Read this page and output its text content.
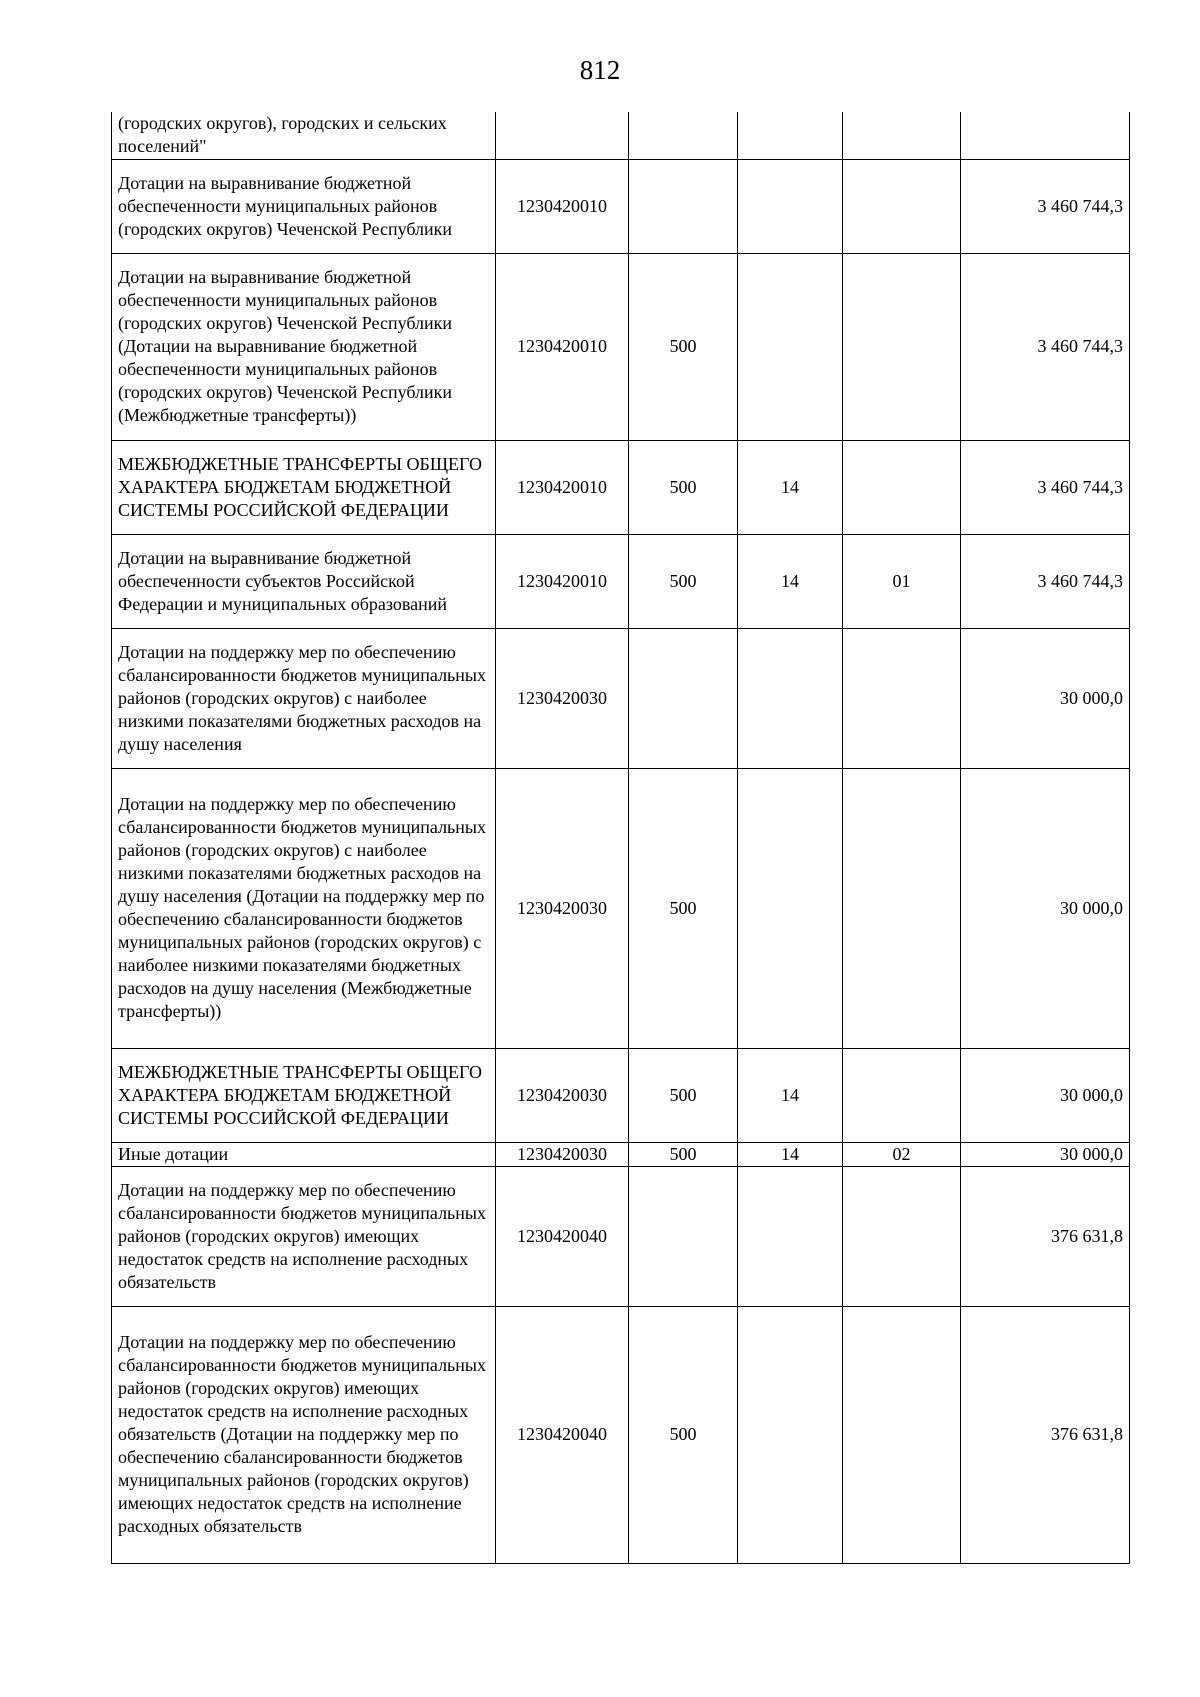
812
(городских округов), городских и сельских поселений"					
Дотации на выравнивание бюджетной обеспеченности муниципальных районов (городских округов) Чеченской Республики	1230420010				3 460 744,3
Дотации на выравнивание бюджетной обеспеченности муниципальных районов (городских округов) Чеченской Республики (Дотации на выравнивание бюджетной обеспеченности муниципальных районов (городских округов) Чеченской Республики (Межбюджетные трансферты))	1230420010	500			3 460 744,3
МЕЖБЮДЖЕТНЫЕ ТРАНСФЕРТЫ ОБЩЕГО ХАРАКТЕРА БЮДЖЕТАМ БЮДЖЕТНОЙ СИСТЕМЫ РОССИЙСКОЙ ФЕДЕРАЦИИ	1230420010	500	14		3 460 744,3
Дотации на выравнивание бюджетной обеспеченности субъектов Российской Федерации и муниципальных образований	1230420010	500	14	01	3 460 744,3
Дотации на поддержку мер по обеспечению сбалансированности бюджетов муниципальных районов (городских округов) с наиболее низкими показателями бюджетных расходов на душу населения	1230420030				30 000,0
Дотации на поддержку мер по обеспечению сбалансированности бюджетов муниципальных районов (городских округов) с наиболее низкими показателями бюджетных расходов на душу населения (Дотации на поддержку мер по обеспечению сбалансированности бюджетов муниципальных районов (городских округов) с наиболее низкими показателями бюджетных расходов на душу населения (Межбюджетные трансферты))	1230420030	500			30 000,0
МЕЖБЮДЖЕТНЫЕ ТРАНСФЕРТЫ ОБЩЕГО ХАРАКТЕРА БЮДЖЕТАМ БЮДЖЕТНОЙ СИСТЕМЫ РОССИЙСКОЙ ФЕДЕРАЦИИ	1230420030	500	14		30 000,0
Иные дотации	1230420030	500	14	02	30 000,0
Дотации на поддержку мер по обеспечению сбалансированности бюджетов муниципальных районов (городских округов) имеющих недостаток средств на исполнение расходных обязательств	1230420040				376 631,8
Дотации на поддержку мер по обеспечению сбалансированности бюджетов муниципальных районов (городских округов) имеющих недостаток средств на исполнение расходных обязательств (Дотации на поддержку мер по обеспечению сбалансированности бюджетов муниципальных районов (городских округов) имеющих недостаток средств на исполнение расходных обязательств	1230420040	500			376 631,8
